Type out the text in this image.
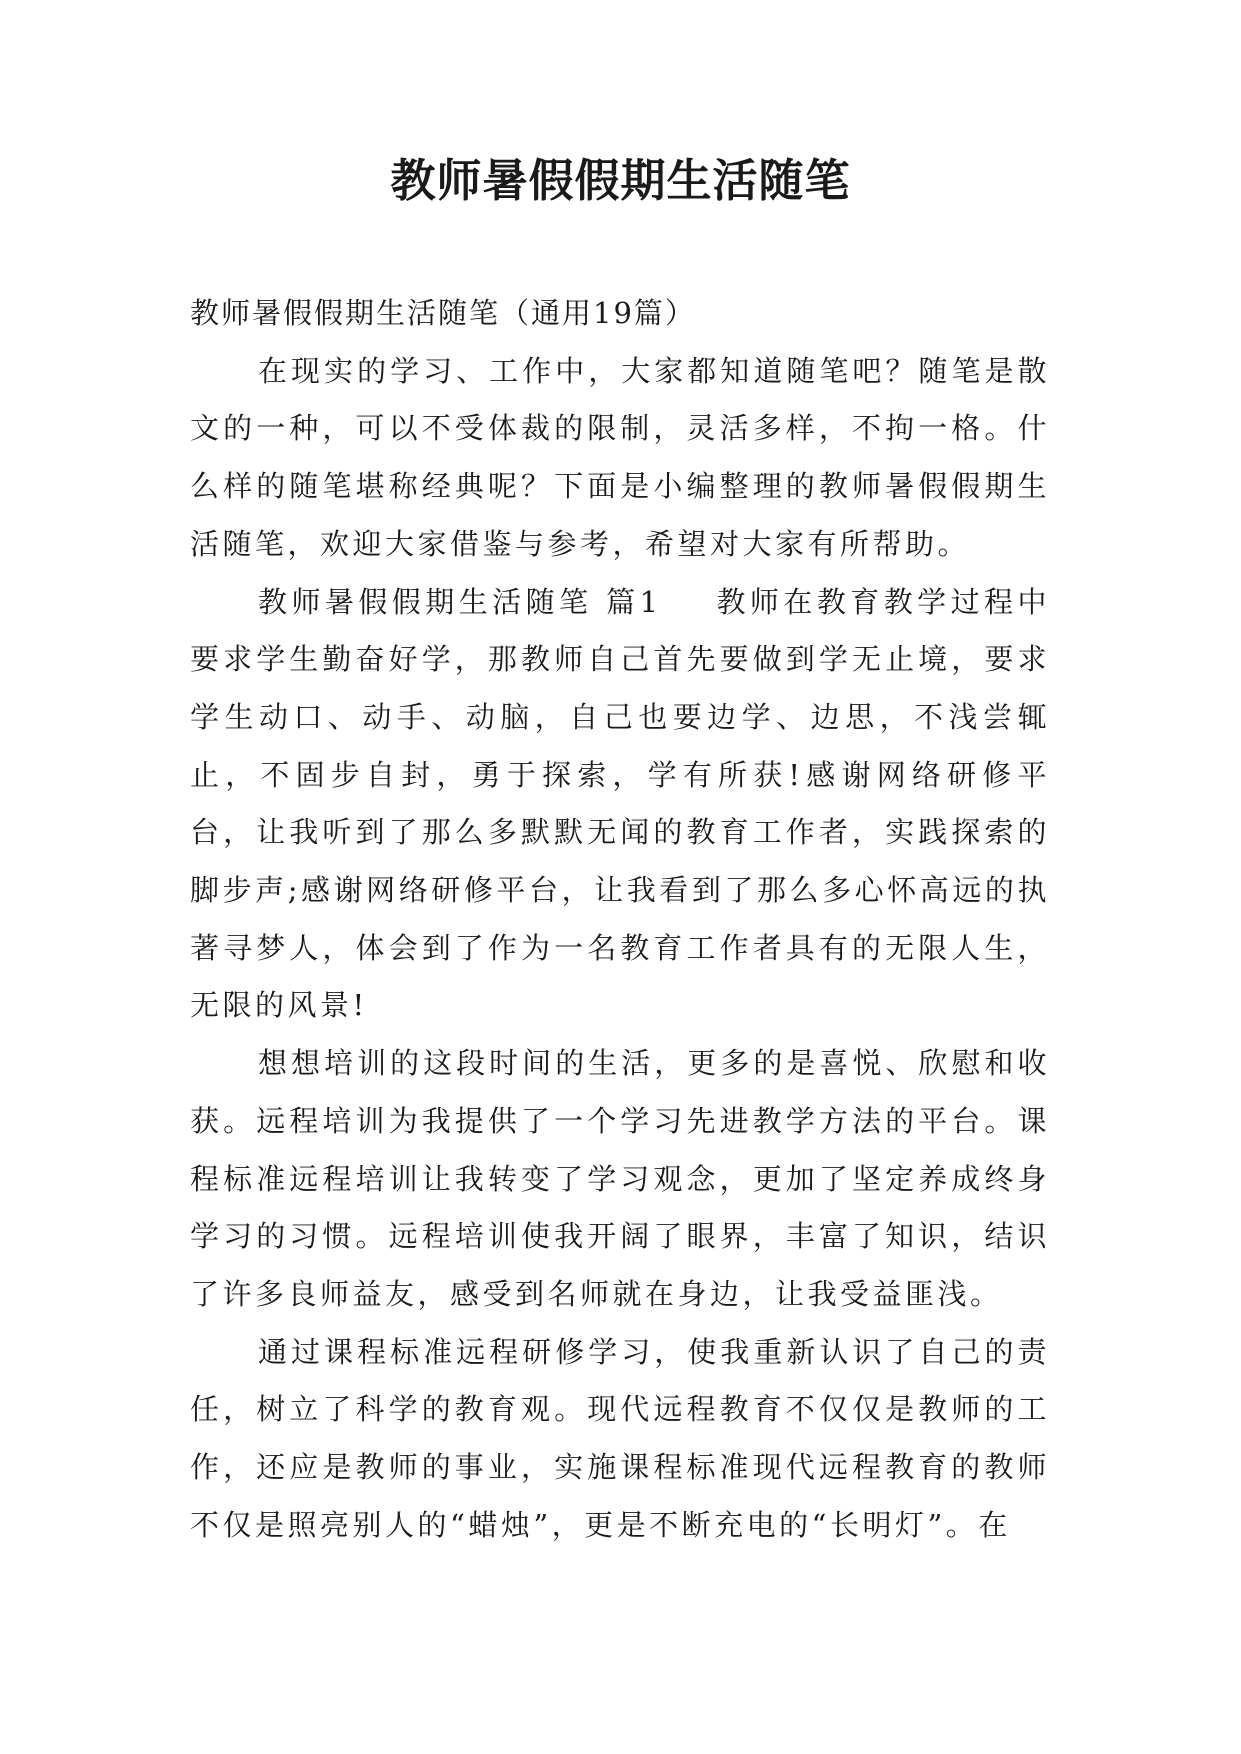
教师暑假假期生活随笔

教师暑假假期生活随笔（通用19篇）

在现实的学习、工作中，大家都知道随笔吧？随笔是散文的一种，可以不受体裁的限制，灵活多样，不拘一格。什么样的随笔堪称经典呢？下面是小编整理的教师暑假假期生活随笔，欢迎大家借鉴与参考，希望对大家有所帮助。

教师暑假假期生活随笔 篇1 教师在教育教学过程中要求学生勤奋好学，那教师自己首先要做到学无止境，要求学生动口、动手、动脑，自己也要边学、边思，不浅尝辄止，不固步自封，勇于探索，学有所获!感谢网络研修平台，让我听到了那么多默默无闻的教育工作者，实践探索的脚步声;感谢网络研修平台，让我看到了那么多心怀高远的执著寻梦人，体会到了作为一名教育工作者具有的无限人生，无限的风景!

想想培训的这段时间的生活，更多的是喜悦、欣慰和收获。远程培训为我提供了一个学习先进教学方法的平台。课程标准远程培训让我转变了学习观念，更加了坚定养成终身学习的习惯。远程培训使我开阔了眼界，丰富了知识，结识了许多良师益友，感受到名师就在身边，让我受益匪浅。

通过课程标准远程研修学习，使我重新认识了自己的责任，树立了科学的教育观。现代远程教育不仅仅是教师的工作，还应是教师的事业，实施课程标准现代远程教育的教师不仅是照亮别人的“蜡烛”，更是不断充电的“长明灯”。在
